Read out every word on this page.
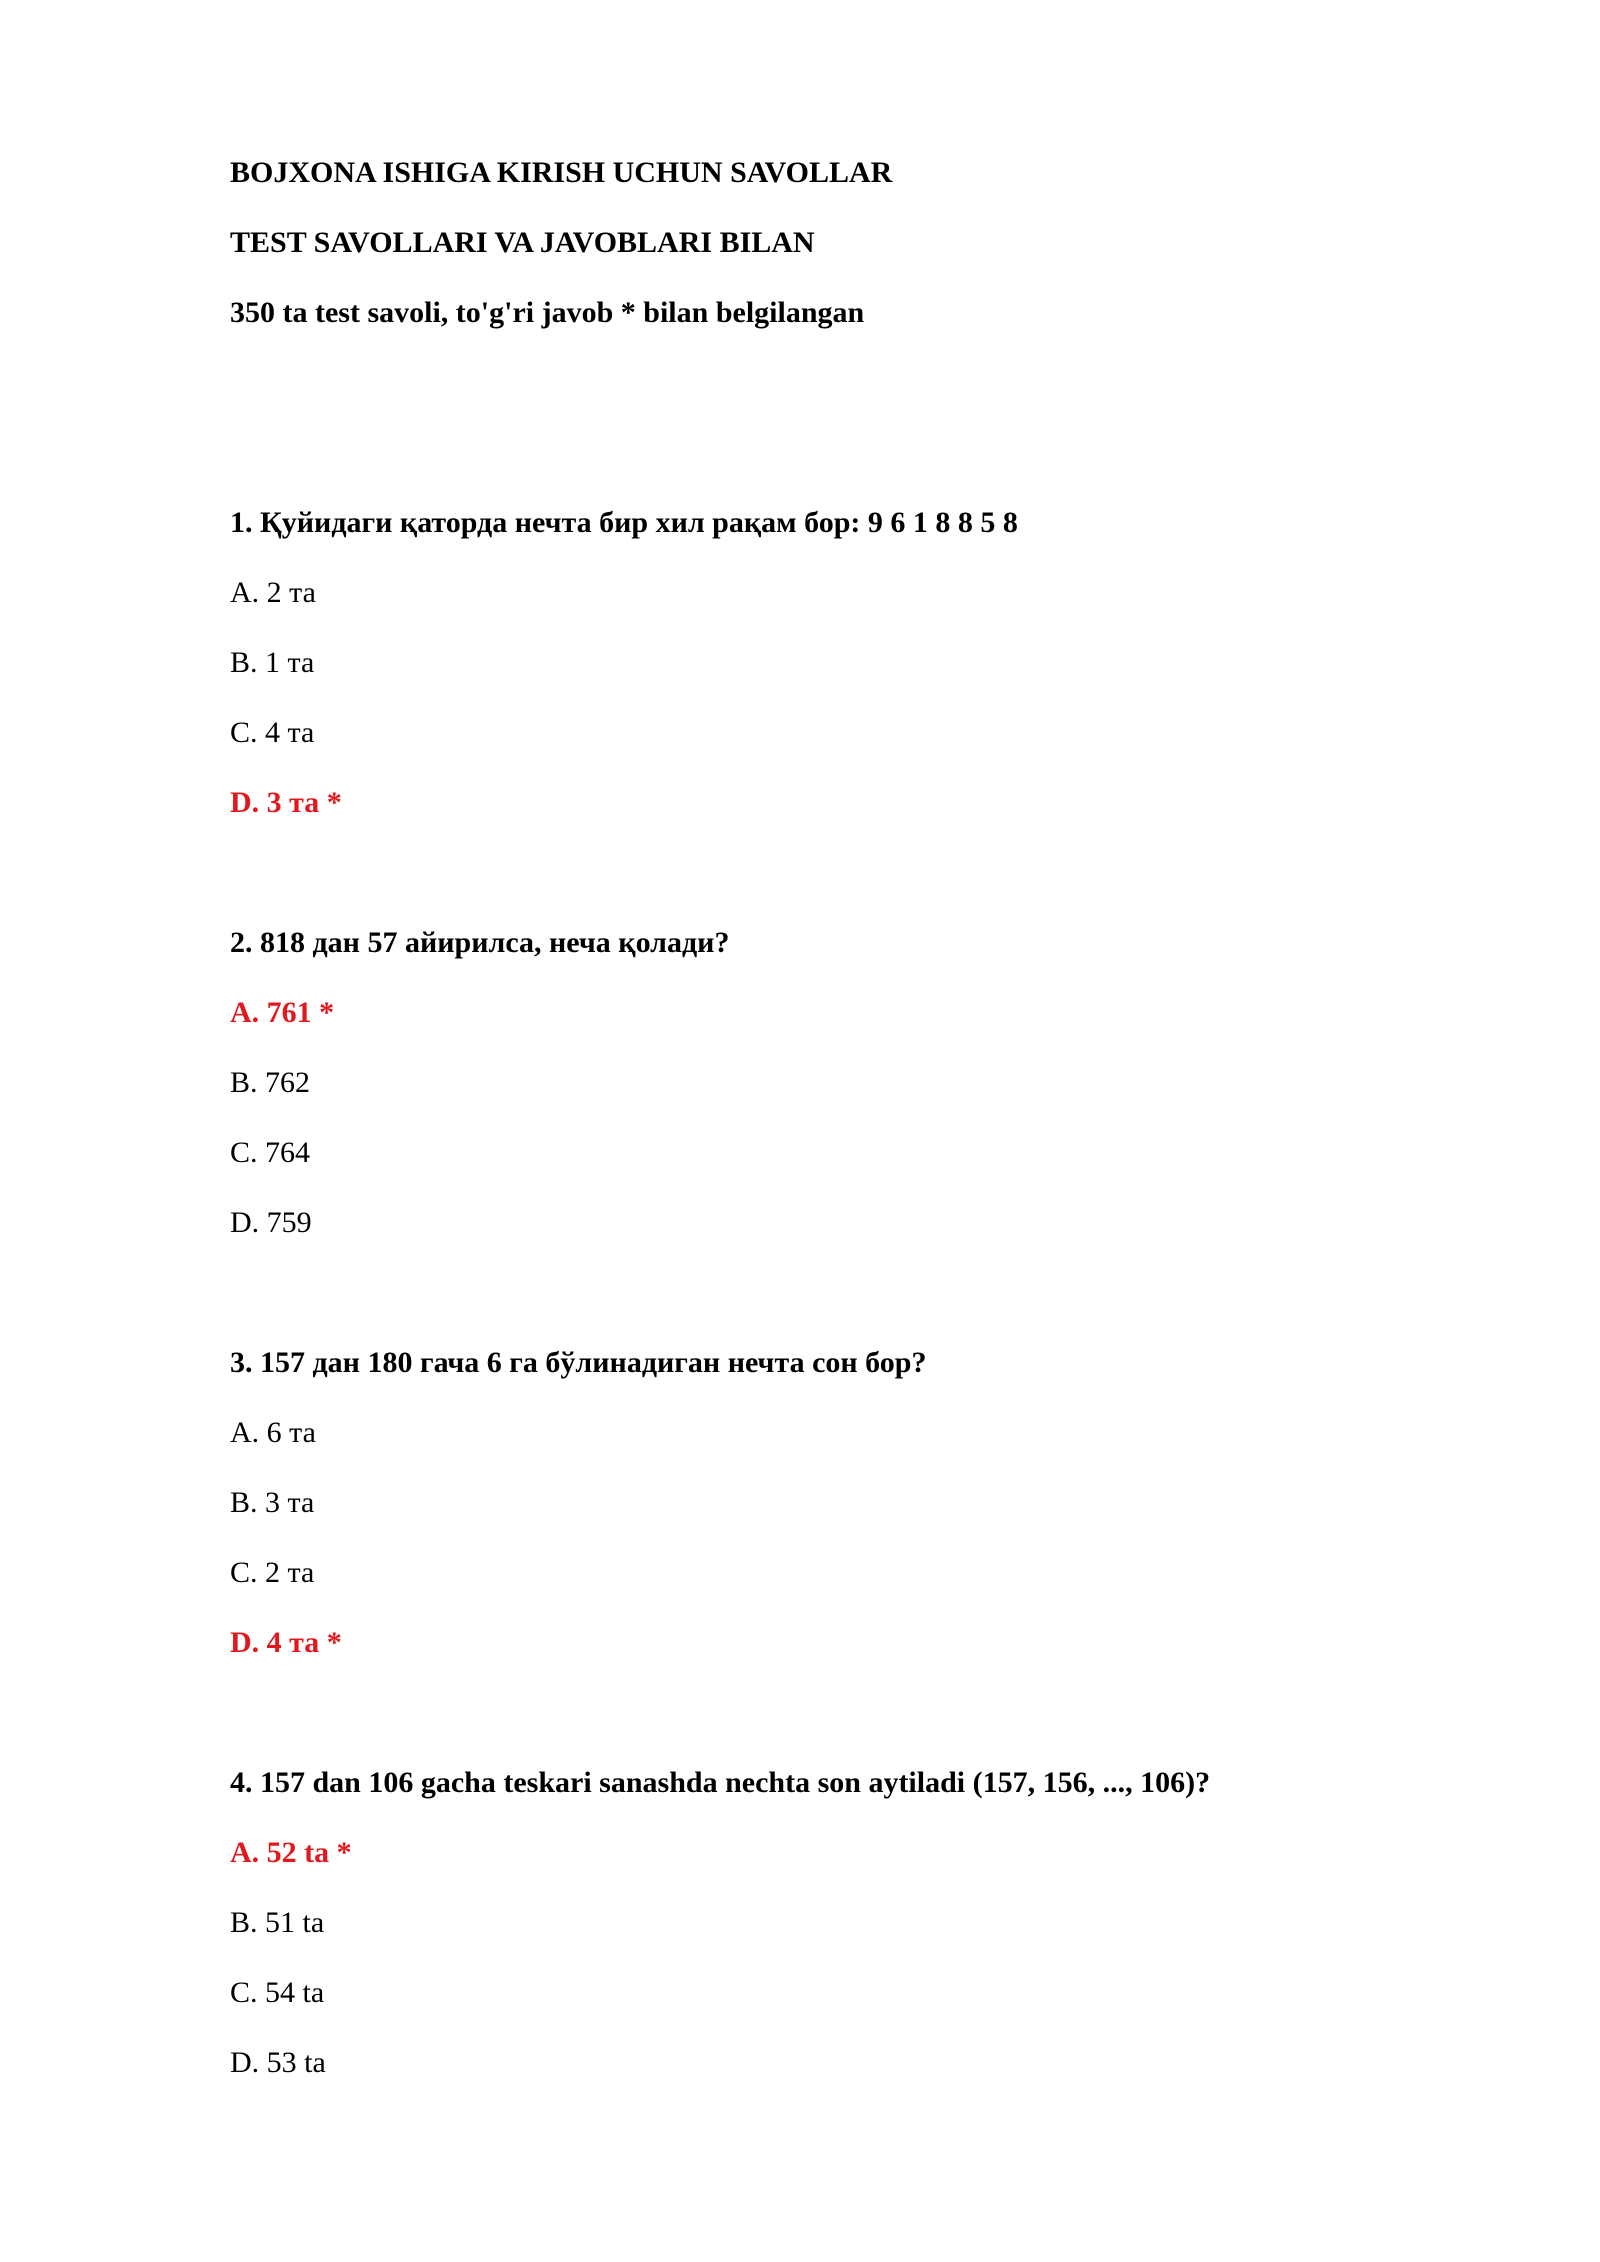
BOJXONA ISHIGA KIRISH UCHUN SAVOLLAR

TEST SAVOLLARI VA JAVOBLARI BILAN

350 ta test savoli, to'g'ri javob * bilan belgilangan

1. Қуйидаги қаторда нечта бир хил рақам бор: 9 6 1 8 8 5 8

A. 2 та

B. 1 та

C. 4 та

D. 3 та *

2. 818 дан 57 айирилса, неча қолади?

A. 761 *

B. 762

C. 764

D. 759

3. 157 дан 180 гача 6 га бўлинадиган нечта сон бор?

A. 6 та

B. 3 та

C. 2 та

D. 4 та *

4. 157 dan 106 gacha teskari sanashda nechta son aytiladi (157, 156, ..., 106)?

A. 52 ta *

B. 51 ta

C. 54 ta

D. 53 ta
